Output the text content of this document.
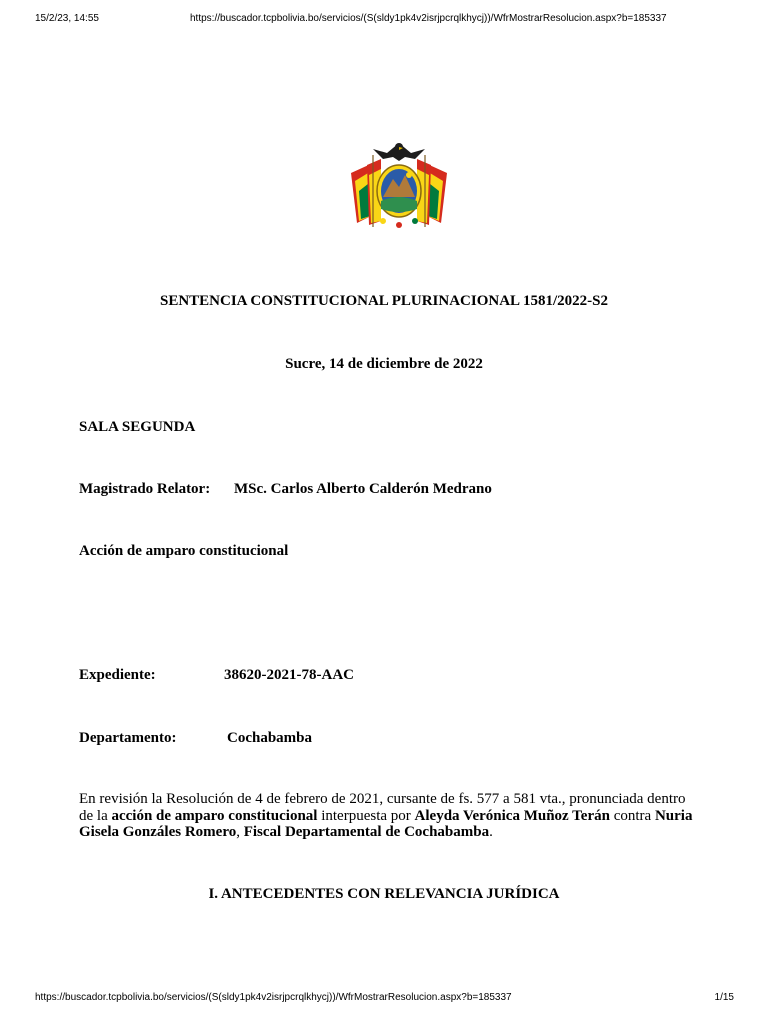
15/2/23, 14:55	https://buscador.tcpbolivia.bo/servicios/(S(sldy1pk4v2isrjpcrqlkhycj))/WfrMostrarResolucion.aspx?b=185337
SENTENCIA CONSTITUCIONAL PLURINACIONAL 1581/2022-S2
Sucre, 14 de diciembre de 2022
SALA SEGUNDA
Magistrado Relator: MSc. Carlos Alberto Calderón Medrano
Acción de amparo constitucional
Expediente:	38620-2021-78-AAC
Departamento:	Cochabamba
En revisión la Resolución de 4 de febrero de 2021, cursante de fs. 577 a 581 vta., pronunciada dentro de la acción de amparo constitucional interpuesta por Aleyda Verónica Muñoz Terán contra Nuria Gisela Gonzáles Romero, Fiscal Departamental de Cochabamba.
I. ANTECEDENTES CON RELEVANCIA JURÍDICA
https://buscador.tcpbolivia.bo/servicios/(S(sldy1pk4v2isrjpcrqlkhycj))/WfrMostrarResolucion.aspx?b=185337	1/15
